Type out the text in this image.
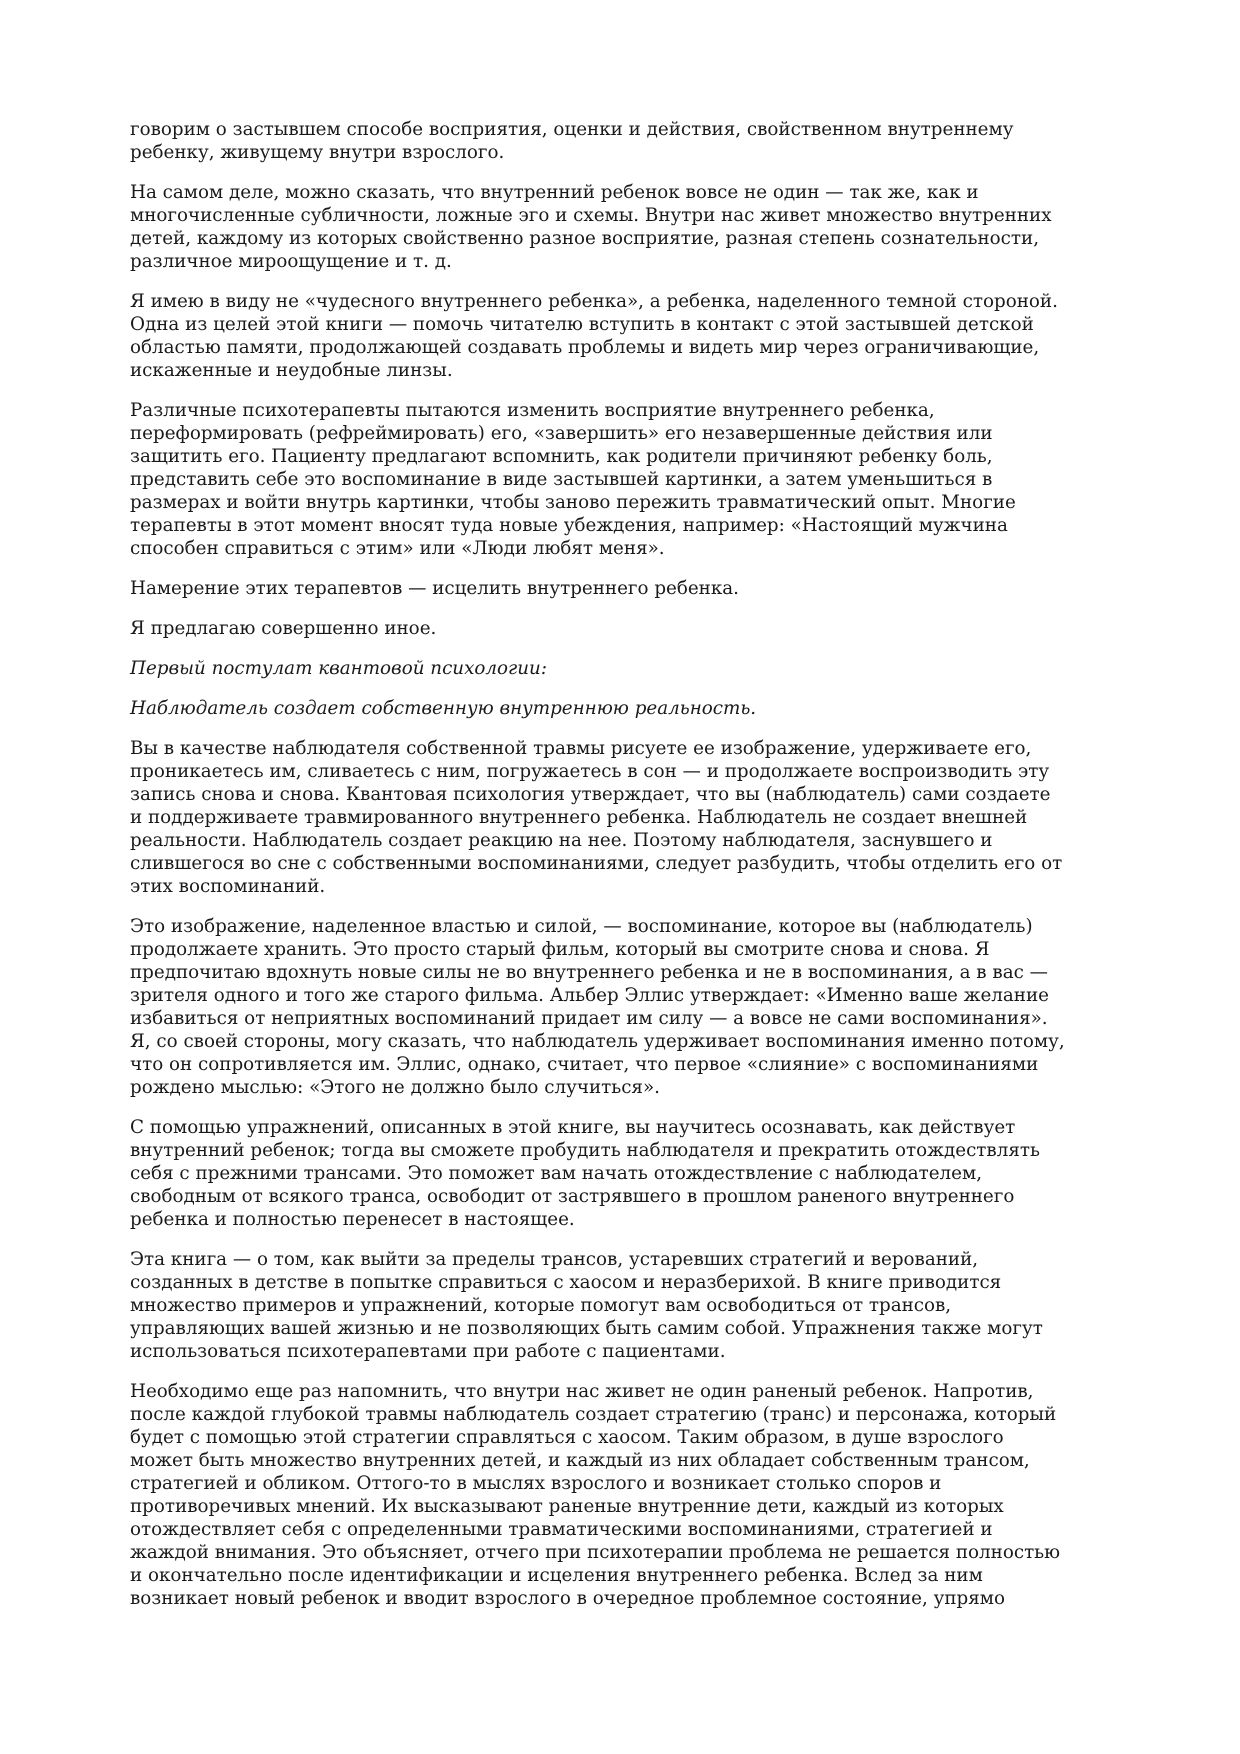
говорим о застывшем способе восприятия, оценки и действия, свойственном внутреннему
ребенку, живущему внутри взрослого.

На самом деле, можно сказать, что внутренний ребенок вовсе не один — так же, как и
многочисленные субличности, ложные эго и схемы. Внутри нас живет множество внутренних
детей, каждому из которых свойственно разное восприятие, разная степень сознательности,
различное мироощущение и т. д.

Я имею в виду не «чудесного внутреннего ребенка», а ребенка, наделенного темной стороной.
Одна из целей этой книги — помочь читателю вступить в контакт с этой застывшей детской
областью памяти, продолжающей создавать проблемы и видеть мир через ограничивающие,
искаженные и неудобные линзы.

Различные психотерапевты пытаются изменить восприятие внутреннего ребенка,
переформировать (рефреймировать) его, «завершить» его незавершенные действия или
защитить его. Пациенту предлагают вспомнить, как родители причиняют ребенку боль,
представить себе это воспоминание в виде застывшей картинки, а затем уменьшиться в
размерах и войти внутрь картинки, чтобы заново пережить травматический опыт. Многие
терапевты в этот момент вносят туда новые убеждения, например: «Настоящий мужчина
способен справиться с этим» или «Люди любят меня».

Намерение этих терапевтов — исцелить внутреннего ребенка.

Я предлагаю совершенно иное.

Первый постулат квантовой психологии:

Наблюдатель создает собственную внутреннюю реальность.

Вы в качестве наблюдателя собственной травмы рисуете ее изображение, удерживаете его,
проникаетесь им, сливаетесь с ним, погружаетесь в сон — и продолжаете воспроизводить эту
запись снова и снова. Квантовая психология утверждает, что вы (наблюдатель) сами создаете
и поддерживаете травмированного внутреннего ребенка. Наблюдатель не создает внешней
реальности. Наблюдатель создает реакцию на нее. Поэтому наблюдателя, заснувшего и
слившегося во сне с собственными воспоминаниями, следует разбудить, чтобы отделить его от
этих воспоминаний.

Это изображение, наделенное властью и силой, — воспоминание, которое вы (наблюдатель)
продолжаете хранить. Это просто старый фильм, который вы смотрите снова и снова. Я
предпочитаю вдохнуть новые силы не во внутреннего ребенка и не в воспоминания, а в вас —
зрителя одного и того же старого фильма. Альбер Эллис утверждает: «Именно ваше желание
избавиться от неприятных воспоминаний придает им силу — а вовсе не сами воспоминания».
Я, со своей стороны, могу сказать, что наблюдатель удерживает воспоминания именно потому,
что он сопротивляется им. Эллис, однако, считает, что первое «слияние» с воспоминаниями
рождено мыслью: «Этого не должно было случиться».

С помощью упражнений, описанных в этой книге, вы научитесь осознавать, как действует
внутренний ребенок; тогда вы сможете пробудить наблюдателя и прекратить отождествлять
себя с прежними трансами. Это поможет вам начать отождествление с наблюдателем,
свободным от всякого транса, освободит от застрявшего в прошлом раненого внутреннего
ребенка и полностью перенесет в настоящее.

Эта книга — о том, как выйти за пределы трансов, устаревших стратегий и верований,
созданных в детстве в попытке справиться с хаосом и неразберихой. В книге приводится
множество примеров и упражнений, которые помогут вам освободиться от трансов,
управляющих вашей жизнью и не позволяющих быть самим собой. Упражнения также могут
использоваться психотерапевтами при работе с пациентами.

Необходимо еще раз напомнить, что внутри нас живет не один раненый ребенок. Напротив,
после каждой глубокой травмы наблюдатель создает стратегию (транс) и персонажа, который
будет с помощью этой стратегии справляться с хаосом. Таким образом, в душе взрослого
может быть множество внутренних детей, и каждый из них обладает собственным трансом,
стратегией и обликом. Оттого-то в мыслях взрослого и возникает столько споров и
противоречивых мнений. Их высказывают раненые внутренние дети, каждый из которых
отождествляет себя с определенными травматическими воспоминаниями, стратегией и
жаждой внимания. Это объясняет, отчего при психотерапии проблема не решается полностью
и окончательно после идентификации и исцеления внутреннего ребенка. Вслед за ним
возникает новый ребенок и вводит взрослого в очередное проблемное состояние, упрямо
